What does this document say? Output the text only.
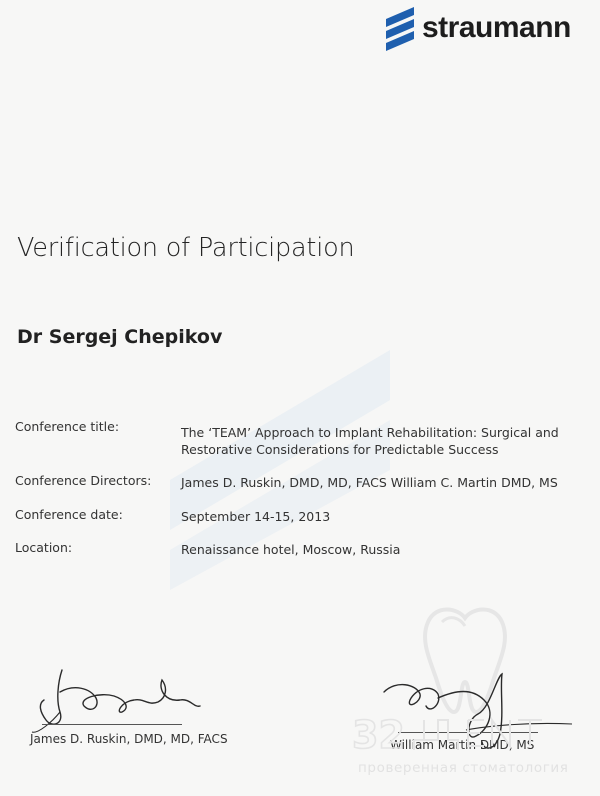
straumann
Verification of Participation
Dr Sergej Chepikov
Conference title:	The ‘TEAM’ Approach to Implant Rehabilitation: Surgical and
Restorative Considerations for Predictable Success
Conference Directors: James D. Ruskin, DMD, MD, FACS William C. Martin DMD, MS
Conference date:	September 14-15, 2013
Location:	Renaissance hotel, Moscow, Russia
James D. Ruskin, DMD, MD, FACS	William Martin DMD, MS
32
проверенная стоматология
